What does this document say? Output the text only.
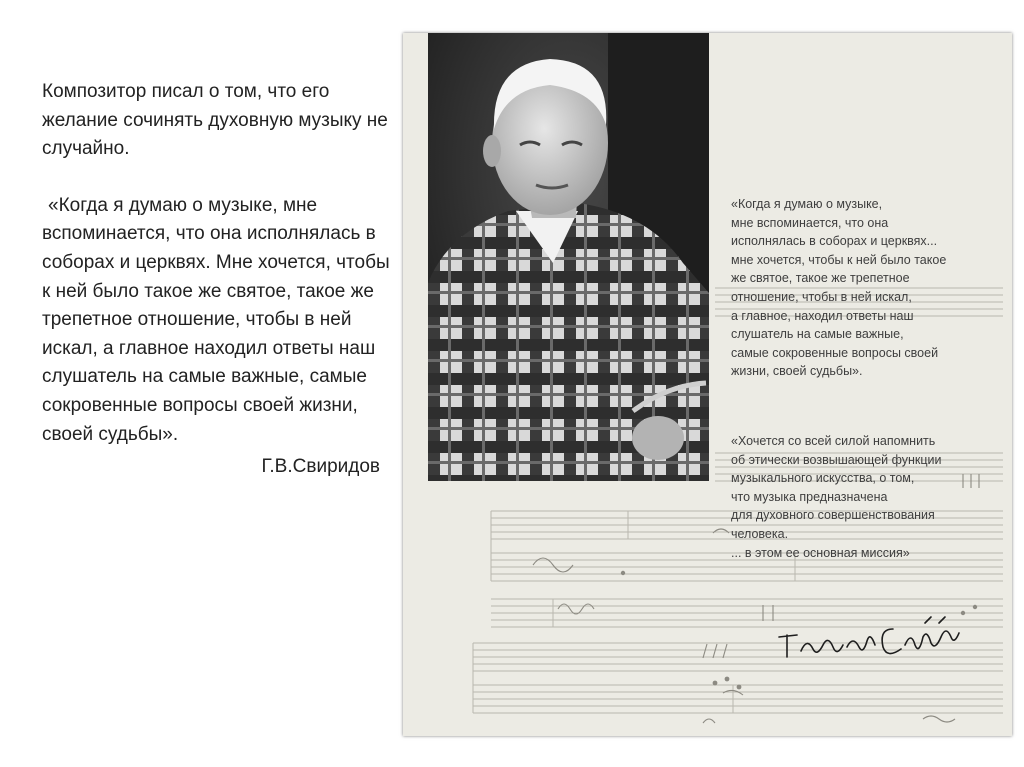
Композитор писал о том, что его желание сочинять духовную музыку не случайно.

«Когда я думаю о музыке, мне вспоминается, что она исполнялась в соборах и церквях. Мне хочется, чтобы к ней было такое же святое, такое же трепетное отношение, чтобы в ней искал, а главное находил ответы наш слушатель на самые важные, самые сокровенные вопросы своей жизни, своей судьбы».

Г.В.Свиридов

«Когда я думаю о музыке,
мне вспоминается, что она
исполнялась в соборах и церквях...
мне хочется, чтобы к ней было такое
же святое, такое же трепетное
отношение, чтобы в ней искал,
а главное, находил ответы наш
слушатель на самые важные,
самые сокровенные вопросы своей
жизни, своей судьбы».
«Хочется со всей силой напомнить
об этически возвышающей функции
музыкального искусства, о том,
что музыка предназначена
для духовного совершенствования
человека.
... в этом ее основная миссия»
